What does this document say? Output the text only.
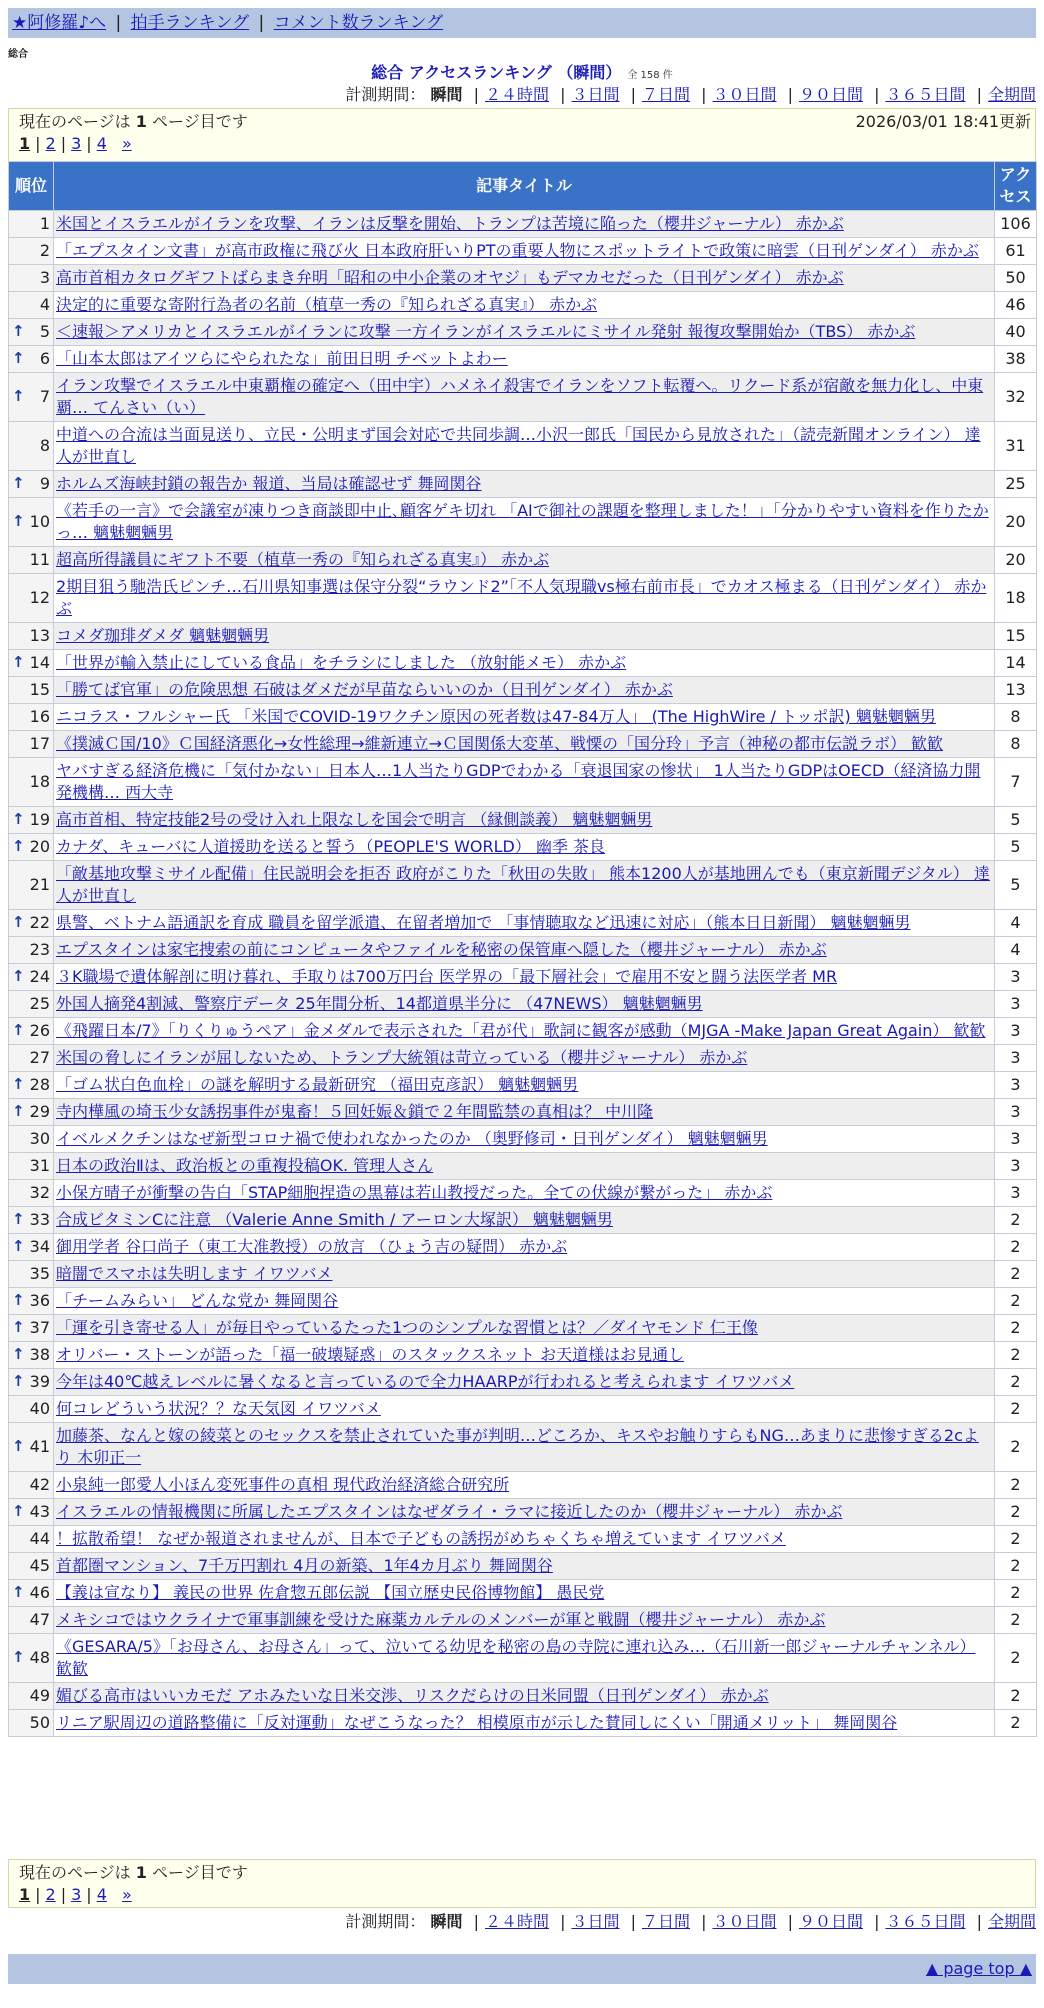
★阿修羅♪へ | 拍手ランキング | コメント数ランキング
総合
総合 アクセスランキング （瞬間） 全 158 件
計測期間： 瞬間 | ２４時間 | ３日間 | ７日間 | ３０日間 | ９０日間 | ３６５日間 | 全期間
現在のページは 1 ページ目です	2026/03/01 18:41更新
1 | 2 | 3 | 4 »
順位	記事タイトル	アクセス
1	米国とイスラエルがイランを攻撃、イランは反撃を開始、トランプは苦境に陥った（櫻井ジャーナル） 赤かぶ	106
2	「エプスタイン文書」が高市政権に飛び火 日本政府肝いりPTの重要人物にスポットライトで政策に暗雲（日刊ゲンダイ） 赤かぶ	61
3	高市首相カタログギフトばらまき弁明「昭和の中小企業のオヤジ」もデマカセだった（日刊ゲンダイ） 赤かぶ	50
4	決定的に重要な寄附行為者の名前（植草一秀の『知られざる真実』） 赤かぶ	46

↑ 5	＜速報＞アメリカとイスラエルがイランに攻撃 一方イランがイスラエルにミサイル発射 報復攻撃開始か（TBS） 赤かぶ	40

↑ 6	「山本太郎はアイツらにやられたな」前田日明 チベットよわー	38

↑ 7	イラン攻撃でイスラエル中東覇権の確定へ（田中宇）ハメネイ殺害でイランをソフト転覆へ。リクード系が宿敵を無力化し、中東覇… てんさい（い）	32
8	中道への合流は当面見送り、立民・公明まず国会対応で共同歩調…小沢一郎氏「国民から見放された」（読売新聞オンライン） 達人が世直し	31

↑ 9	ホルムズ海峡封鎖の報告か 報道、当局は確認せず 舞岡関谷	25

↑ 10	《若手の一言》で会議室が凍りつき商談即中止､顧客ゲキ切れ 「AIで御社の課題を整理しました！｣「分かりやすい資料を作りたかっ… 魑魅魍魎男	20
11	超高所得議員にギフト不要（植草一秀の『知られざる真実』） 赤かぶ	20
12	2期目狙う馳浩氏ピンチ…石川県知事選は保守分裂“ラウンド2”「不人気現職vs極右前市長」でカオス極まる（日刊ゲンダイ） 赤かぶ	18
13	コメダ珈琲ダメダ 魑魅魍魎男	15

↑ 14	「世界が輸入禁止にしている食品」をチラシにしました （放射能メモ） 赤かぶ	14
15	「勝てば官軍」の危険思想 石破はダメだが早苗ならいいのか（日刊ゲンダイ） 赤かぶ	13
16	ニコラス・フルシャー氏 「米国でCOVID-19ワクチン原因の死者数は47-84万人」 (The HighWire / トッポ訳) 魑魅魍魎男	8
17	《撲滅Ｃ国/10》Ｃ国経済悪化→女性総理→維新連立→Ｃ国関係大変革、戦慄の「国分玲」予言（神秘の都市伝説ラボ） 歓歓	8
18	ヤバすぎる経済危機に「気付かない」日本人…1人当たりGDPでわかる「衰退国家の惨状」 1人当たりGDPはOECD（経済協力開発機構… 西大寺	7

↑ 19	高市首相、特定技能2号の受け入れ上限なしを国会で明言 （縁側談義） 魑魅魍魎男	5

↑ 20	カナダ、キューバに人道援助を送ると誓う（PEOPLE'S WORLD） 幽季 茶良	5
21	「敵基地攻撃ミサイル配備」住民説明会を拒否 政府がこりた「秋田の失敗」 熊本1200人が基地囲んでも（東京新聞デジタル） 達人が世直し	5

↑ 22	県警、ベトナム語通訳を育成 職員を留学派遣、在留者増加で 「事情聴取など迅速に対応」（熊本日日新聞） 魑魅魍魎男	4
23	エプスタインは家宅捜索の前にコンピュータやファイルを秘密の保管庫へ隠した（櫻井ジャーナル） 赤かぶ	4

↑ 24	３K職場で遺体解剖に明け暮れ、手取りは700万円台 医学界の「最下層社会」で雇用不安と闘う法医学者 MR	3
25	外国人摘発4割減、警察庁データ 25年間分析、14都道県半分に （47NEWS） 魑魅魍魎男	3

↑ 26	《飛躍日本/7》「りくりゅうペア」金メダルで表示された「君が代」歌詞に観客が感動（MJGA -Make Japan Great Again） 歓歓	3
27	米国の脅しにイランが屈しないため、トランプ大統領は苛立っている（櫻井ジャーナル） 赤かぶ	3

↑ 28	「ゴム状白色血栓」の謎を解明する最新研究 （福田克彦訳） 魑魅魍魎男	3

↑ 29	寺内樺風の埼玉少女誘拐事件が鬼畜！５回妊娠＆鎖で２年間監禁の真相は？ 中川隆	3
30	イベルメクチンはなぜ新型コロナ禍で使われなかったのか （奥野修司・日刊ゲンダイ） 魑魅魍魎男	3
31	日本の政治Ⅱは、政治板との重複投稿OK. 管理人さん	3
32	小保方晴子が衝撃の告白「STAP細胞捏造の黒幕は若山教授だった。全ての伏線が繋がった」 赤かぶ	3

↑ 33	合成ビタミンCに注意 （Valerie Anne Smith / アーロン大塚訳） 魑魅魍魎男	2

↑ 34	御用学者 谷口尚子（東工大准教授）の放言 （ひょう吉の疑問） 赤かぶ	2
35	暗闇でスマホは失明します イワツバメ	2

↑ 36	「チームみらい」 どんな党か 舞岡関谷	2

↑ 37	「運を引き寄せる人」が毎日やっているたった1つのシンプルな習慣とは？／ダイヤモンド 仁王像	2

↑ 38	オリバー・ストーンが語った「福一破壊疑惑」のスタックスネット お天道様はお見通し	2

↑ 39	今年は40℃越えレベルに暑くなると言っているので全力HAARPが行われると考えられます イワツバメ	2
40	何コレどういう状況？？な天気図 イワツバメ	2

↑ 41	加藤茶、なんと嫁の綾菜とのセックスを禁止されていた事が判明…どころか、キスやお触りすらもNG…あまりに悲惨すぎる2cより 木卯正一	2
42	小泉純一郎愛人小ほん変死事件の真相 現代政治経済総合研究所	2

↑ 43	イスラエルの情報機関に所属したエプスタインはなぜダライ・ラマに接近したのか（櫻井ジャーナル） 赤かぶ	2
44	！拡散希望！ なぜか報道されませんが、日本で子どもの誘拐がめちゃくちゃ増えています イワツバメ	2
45	首都圏マンション、7千万円割れ 4月の新築、1年4カ月ぶり 舞岡関谷	2

↑ 46	【義は宣なり】 義民の世界 佐倉惣五郎伝説 【国立歴史民俗博物館】 愚民党	2
47	メキシコではウクライナで軍事訓練を受けた麻薬カルテルのメンバーが軍と戦闘（櫻井ジャーナル） 赤かぶ	2

↑ 48	《GESARA/5》「お母さん、お母さん」って、泣いてる幼児を秘密の島の寺院に連れ込み…（石川新一郎ジャーナルチャンネル） 歓歓	2
49	媚びる高市はいいカモだ アホみたいな日米交渉、リスクだらけの日米同盟（日刊ゲンダイ） 赤かぶ	2
50	リニア駅周辺の道路整備に「反対運動」なぜこうなった？ 相模原市が示した賛同しにくい「開通メリット」 舞岡関谷	2
現在のページは 1 ページ目です
1 | 2 | 3 | 4 »
計測期間： 瞬間 | ２４時間 | ３日間 | ７日間 | ３０日間 | ９０日間 | ３６５日間 | 全期間
▲ page top ▲
